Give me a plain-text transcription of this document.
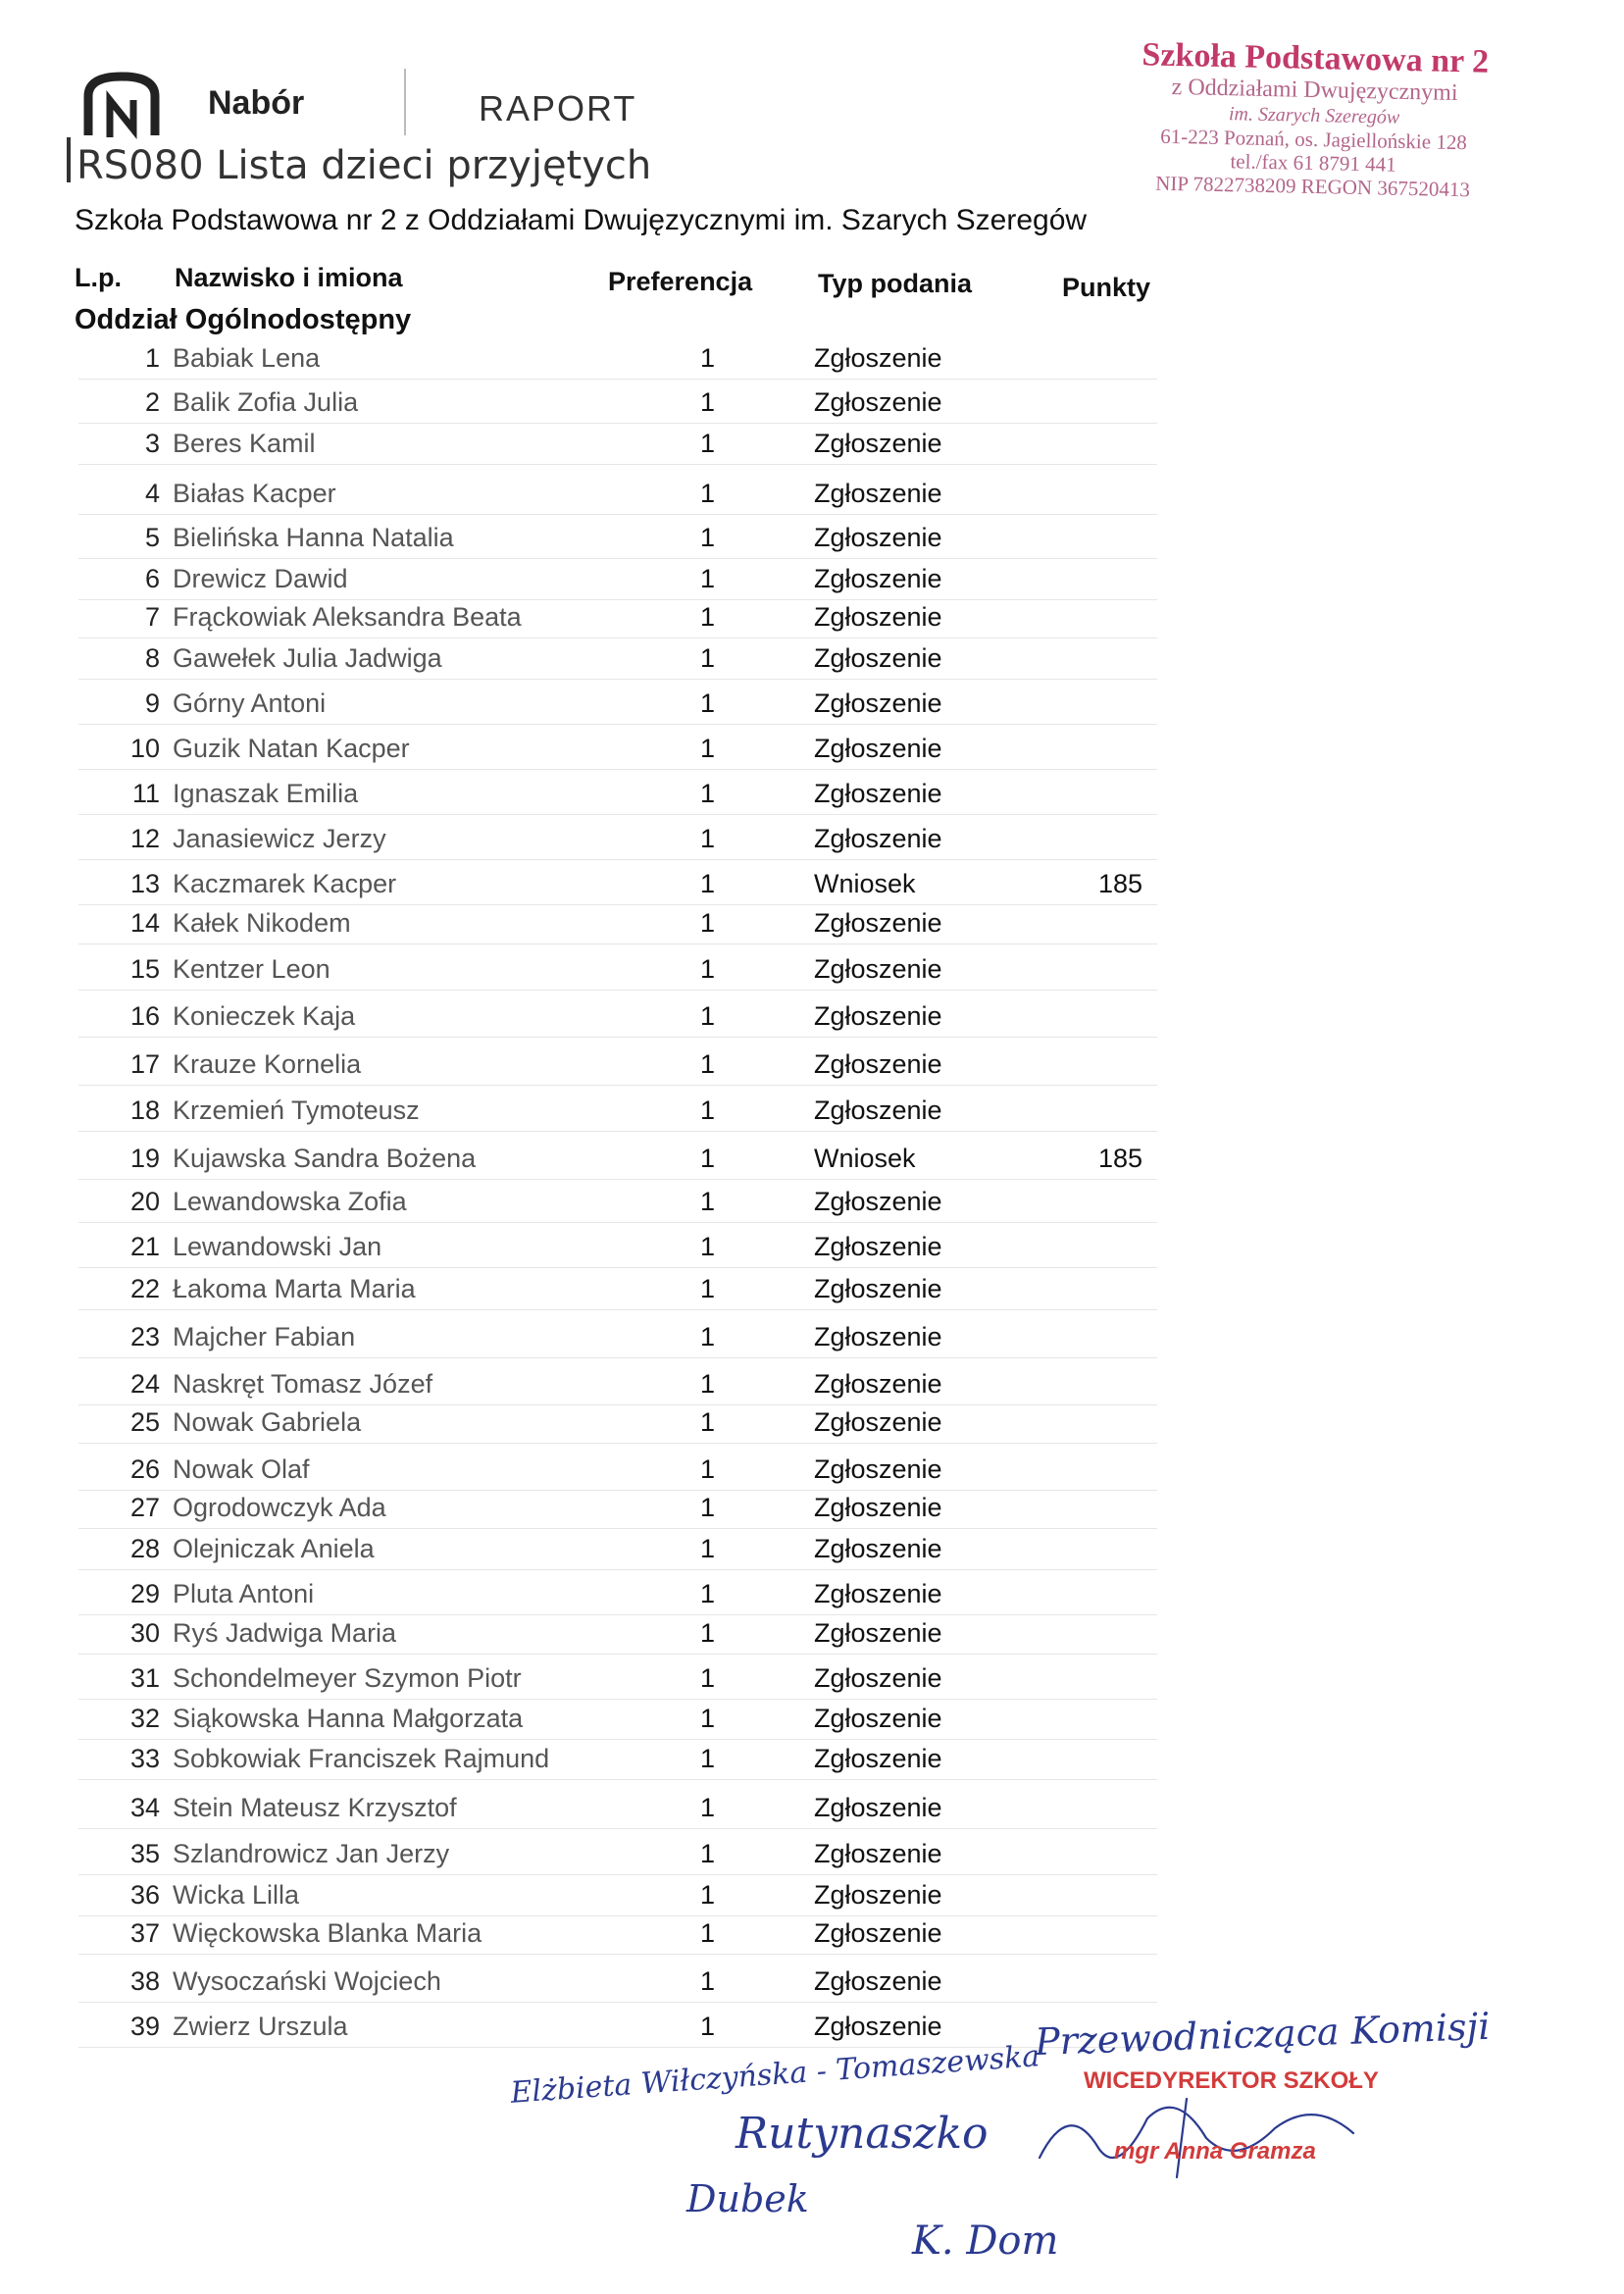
Nabór	RAPORT
RS080 Lista dzieci przyjętych
Szkoła Podstawowa nr 2 z Oddziałami Dwujęzycznymi im. Szarych Szeregów
Szkoła Podstawowa nr 2
z Oddziałami Dwujęzycznymi
im. Szarych Szeregów
61-223 Poznań, os. Jagiellońskie 128
tel./fax 61 8791 441
NIP 7822738209 REGON 367520413
L.p. Nazwisko i imiona	Preferencja Typ podania	Punkty
Oddział Ogólnodostępny
1 Babiak Lena	1	Zgłoszenie
2 Balik Zofia Julia	1	Zgłoszenie
3 Beres Kamil	1	Zgłoszenie
4 Białas Kacper	1	Zgłoszenie
5 Bielińska Hanna Natalia	1	Zgłoszenie
6 Drewicz Dawid	1	Zgłoszenie
7 Frąckowiak Aleksandra Beata	1	Zgłoszenie
8 Gawełek Julia Jadwiga	1	Zgłoszenie
9 Górny Antoni	1	Zgłoszenie
10 Guzik Natan Kacper	1	Zgłoszenie
11 Ignaszak Emilia	1	Zgłoszenie
12 Janasiewicz Jerzy	1	Zgłoszenie
13 Kaczmarek Kacper	1	Wniosek	185
14 Kałek Nikodem	1	Zgłoszenie
15 Kentzer Leon	1	Zgłoszenie
16 Konieczek Kaja	1	Zgłoszenie
17 Krauze Kornelia	1	Zgłoszenie
18 Krzemień Tymoteusz	1	Zgłoszenie
19 Kujawska Sandra Bożena	1	Wniosek	185
20 Lewandowska Zofia	1	Zgłoszenie
21 Lewandowski Jan	1	Zgłoszenie
22 Łakoma Marta Maria	1	Zgłoszenie
23 Majcher Fabian	1	Zgłoszenie
24 Naskręt Tomasz Józef	1	Zgłoszenie
25 Nowak Gabriela	1	Zgłoszenie
26 Nowak Olaf	1	Zgłoszenie
27 Ogrodowczyk Ada	1	Zgłoszenie
28 Olejniczak Aniela	1	Zgłoszenie
29 Pluta Antoni	1	Zgłoszenie
30 Ryś Jadwiga Maria	1	Zgłoszenie
31 Schondelmeyer Szymon Piotr	1	Zgłoszenie
32 Siąkowska Hanna Małgorzata	1	Zgłoszenie
33 Sobkowiak Franciszek Rajmund	1	Zgłoszenie
34 Stein Mateusz Krzysztof	1	Zgłoszenie
35 Szlandrowicz Jan Jerzy	1	Zgłoszenie
36 Wicka Lilla	1	Zgłoszenie
37 Więckowska Blanka Maria	1	Zgłoszenie
38 Wysoczański Wojciech	1	Zgłoszenie
39 Zwierz Urszula	1	Zgłoszenie
Elżbieta Wiłczyńska - Tomaszewska
Przewodnicząca Komisji
Rutynaszko
Dubek
K. Dom
WICEDYREKTOR SZKOŁY
mgr Anna Gramza
